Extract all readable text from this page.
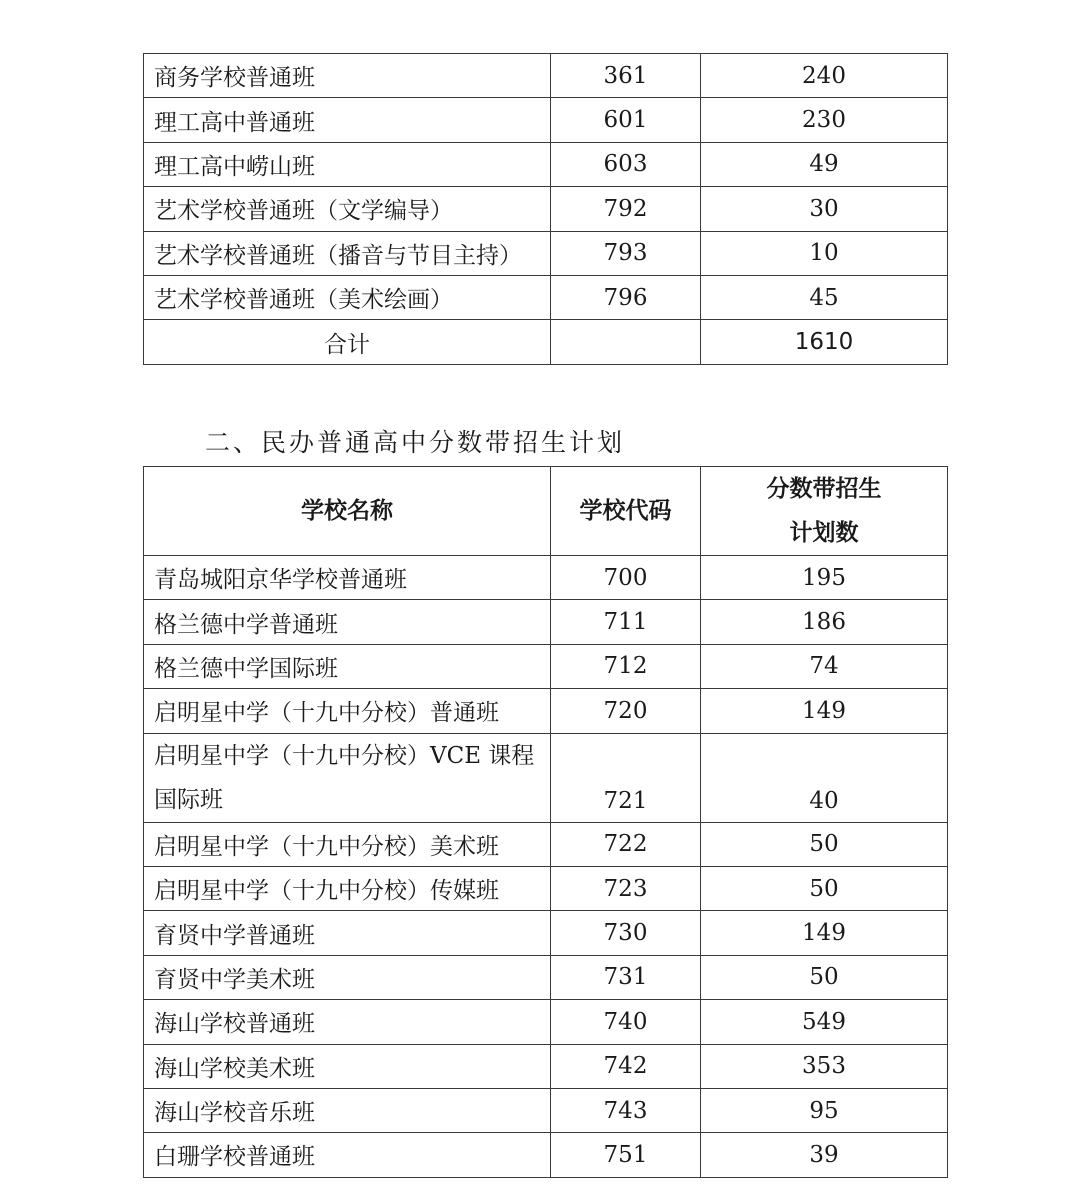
商务学校普通班	361	240
理工高中普通班	601	230
理工高中崂山班	603	49
艺术学校普通班（文学编导）	792	30
艺术学校普通班（播音与节目主持）	793	10
艺术学校普通班（美术绘画）	796	45
合计		1610
二、民办普通高中分数带招生计划
学校名称	学校代码	分数带招生
计划数

青岛城阳京华学校普通班	700	195
格兰德中学普通班	711	186
格兰德中学国际班	712	74
启明星中学（十九中分校）普通班	720	149
启明星中学（十九中分校）VCE 课程国际班	721	40
启明星中学（十九中分校）美术班	722	50
启明星中学（十九中分校）传媒班	723	50
育贤中学普通班	730	149
育贤中学美术班	731	50
海山学校普通班	740	549
海山学校美术班	742	353
海山学校音乐班	743	95
白珊学校普通班	751	39
